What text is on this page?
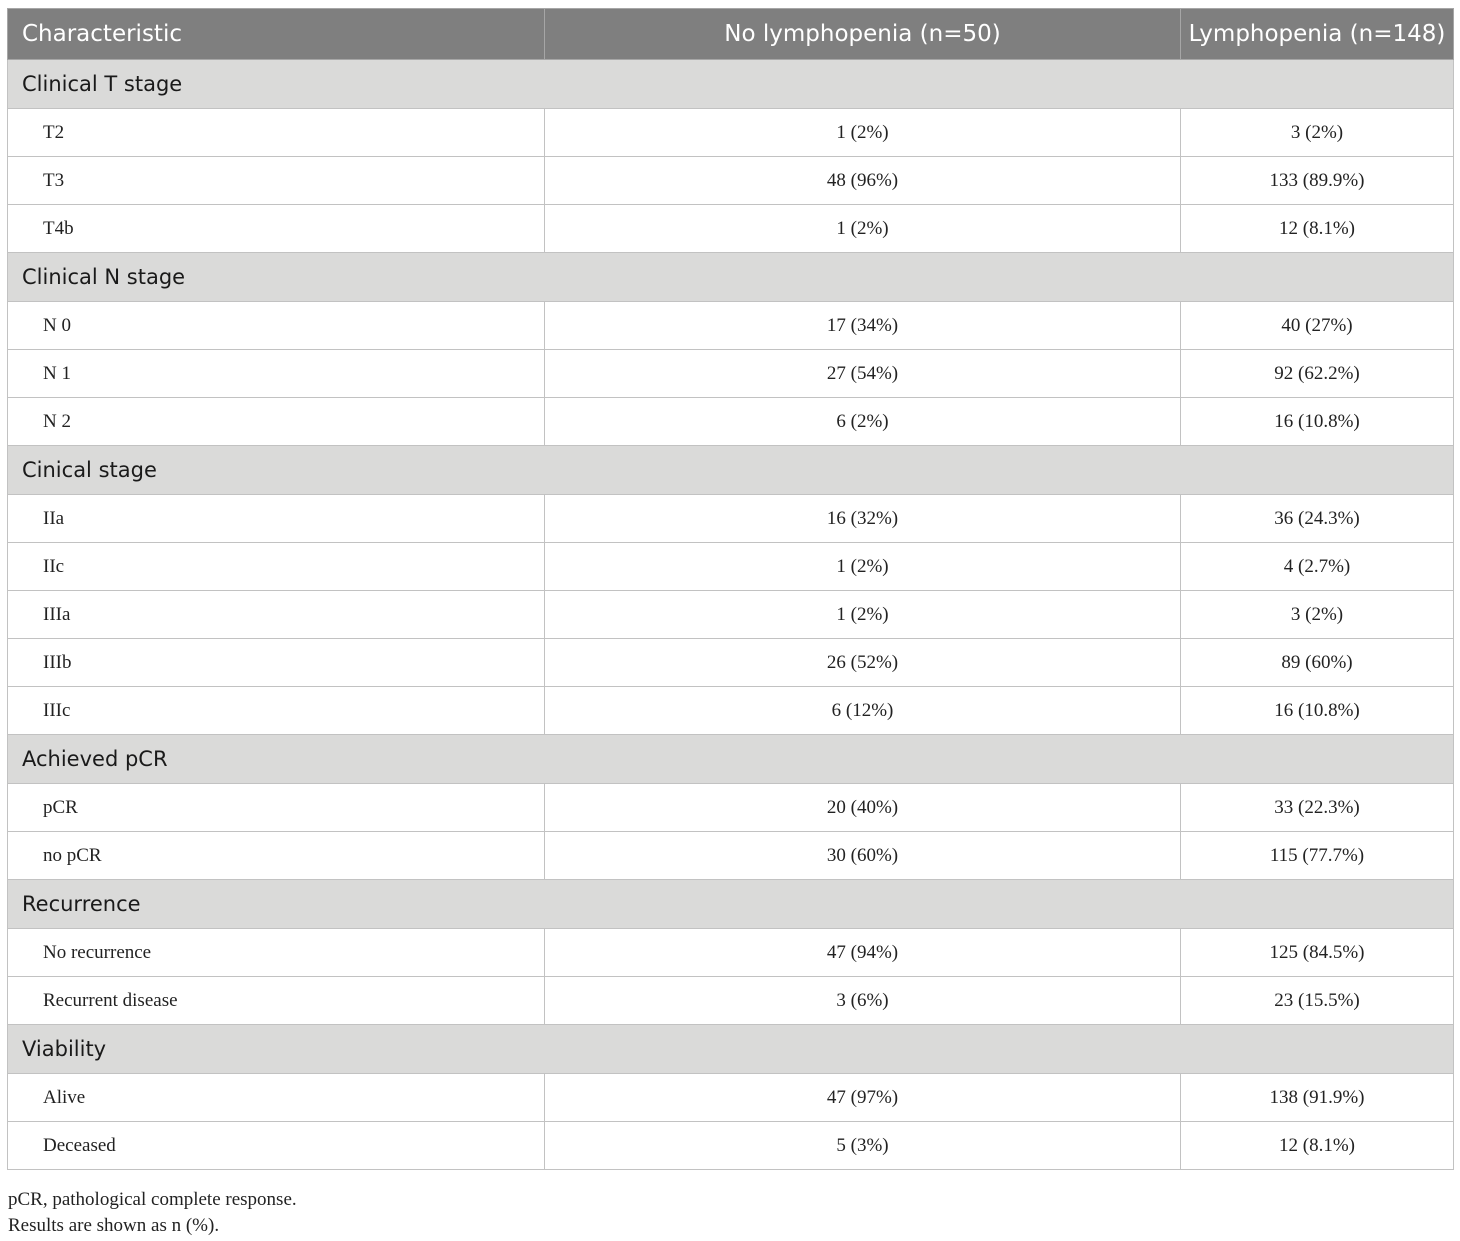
Characteristic	No lymphopenia (n=50)	Lymphopenia (n=148)
Clinical T stage		
T2	1 (2%)	3 (2%)
T3	48 (96%)	133 (89.9%)
T4b	1 (2%)	12 (8.1%)
Clinical N stage		
N 0	17 (34%)	40 (27%)
N 1	27 (54%)	92 (62.2%)
N 2	6 (2%)	16 (10.8%)
Cinical stage		
IIa	16 (32%)	36 (24.3%)
IIc	1 (2%)	4 (2.7%)
IIIa	1 (2%)	3 (2%)
IIIb	26 (52%)	89 (60%)
IIIc	6 (12%)	16 (10.8%)
Achieved pCR		
pCR	20 (40%)	33 (22.3%)
no pCR	30 (60%)	115 (77.7%)
Recurrence		
No recurrence	47 (94%)	125 (84.5%)
Recurrent disease	3 (6%)	23 (15.5%)
Viability		
Alive	47 (97%)	138 (91.9%)
Deceased	5 (3%)	12 (8.1%)
pCR, pathological complete response.
Results are shown as n (%).
